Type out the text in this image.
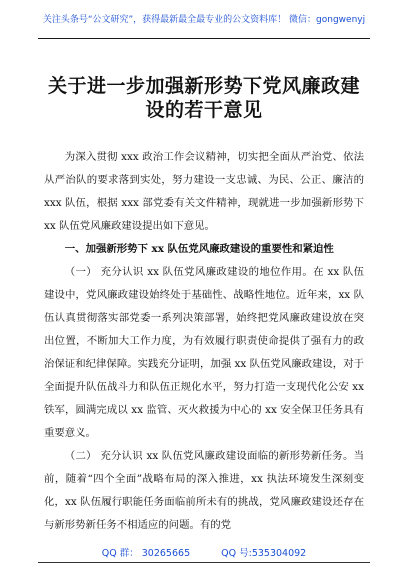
关注头条号“公文研究”，获得最新最全最专业的公文资料库！ 微信：gongwenyj
关于进一步加强新形势下党风廉政建
设的若干意见

为深入贯彻 xxx 政治工作会议精神，切实把全面从严治党、依法从严治队的要求落到实处，努力建设一支忠诚、为民、公正、廉洁的 xxx 队伍，根据 xxx 部党委有关文件精神，现就进一步加强新形势下 xx 队伍党风廉政建设提出如下意见。

一、加强新形势下 xx 队伍党风廉政建设的重要性和紧迫性

（一） 充分认识 xx 队伍党风廉政建设的地位作用。在 xx 队伍建设中，党风廉政建设始终处于基础性、战略性地位。近年来，xx 队伍认真贯彻落实部党委一系列决策部署，始终把党风廉政建设放在突出位置，不断加大工作力度，为有效履行职责使命提供了强有力的政治保证和纪律保障。实践充分证明，加强 xx 队伍党风廉政建设，对于全面提升队伍战斗力和队伍正规化水平，努力打造一支现代化公安 xx 铁军，圆满完成以 xx 监管、灭火救援为中心的 xx 安全保卫任务具有重要意义。

（二） 充分认识 xx 队伍党风廉政建设面临的新形势新任务。当前，随着“四个全面”战略布局的深入推进，xx 执法环境发生深刻变化，xx 队伍履行职能任务面临前所未有的挑战，党风廉政建设还存在与新形势新任务不相适应的问题。有的党

QQ 群： 30265665	QQ 号:535304092
